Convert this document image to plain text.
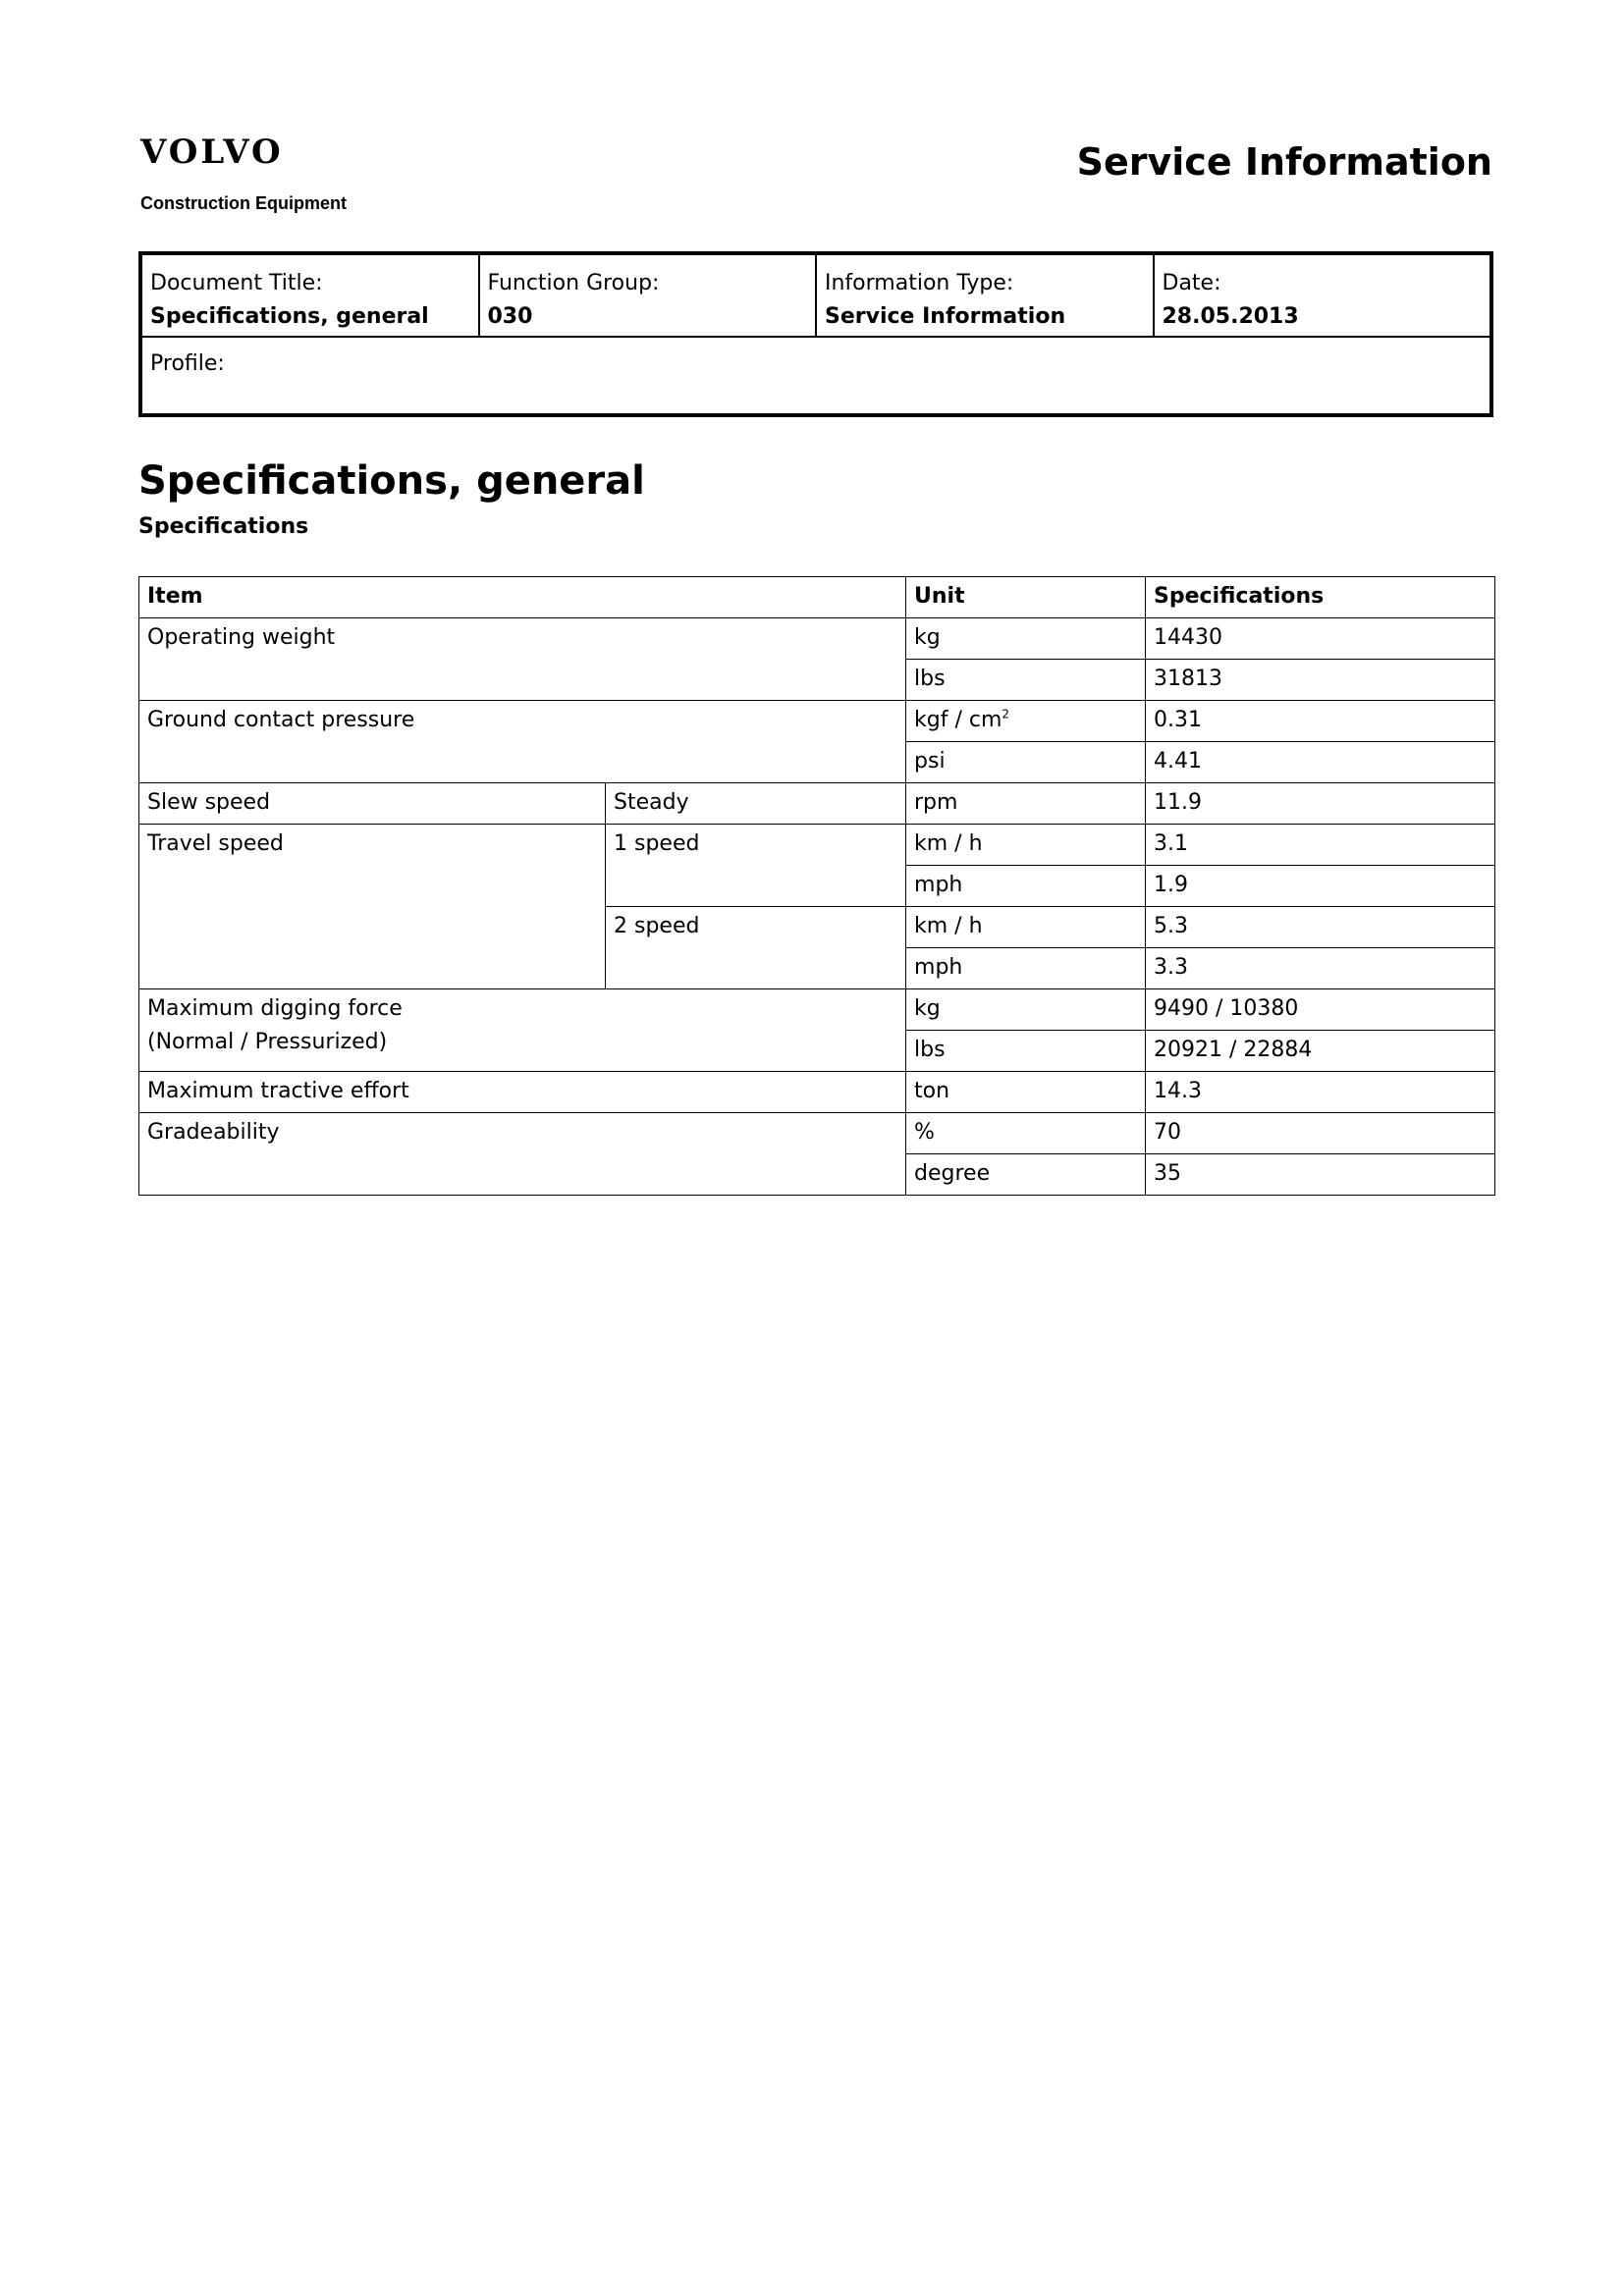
VOLVO
Construction Equipment
Service Information
Document Title:
Specifications, general
Function Group:
030
Information Type:
Service Information
Date:
28.05.2013
Profile:
Specifications, general
Specifications
Item		Unit	Specifications
Operating weight		kg	14430
		lbs	31813
Ground contact pressure		kgf / $cm^2$	0.31
		psi	4.41
Slew speed	Steady	rpm	11.9
Travel speed	1 speed	km / h	3.1
		mph	1.9
	2 speed	km / h	5.3
		mph	3.3

Maximum digging force
(Normal / Pressurized)		kg	9490 / 10380
		lbs	20921 / 22884
Maximum tractive effort		ton	14.3
Gradeability		%	70
		degree	35
